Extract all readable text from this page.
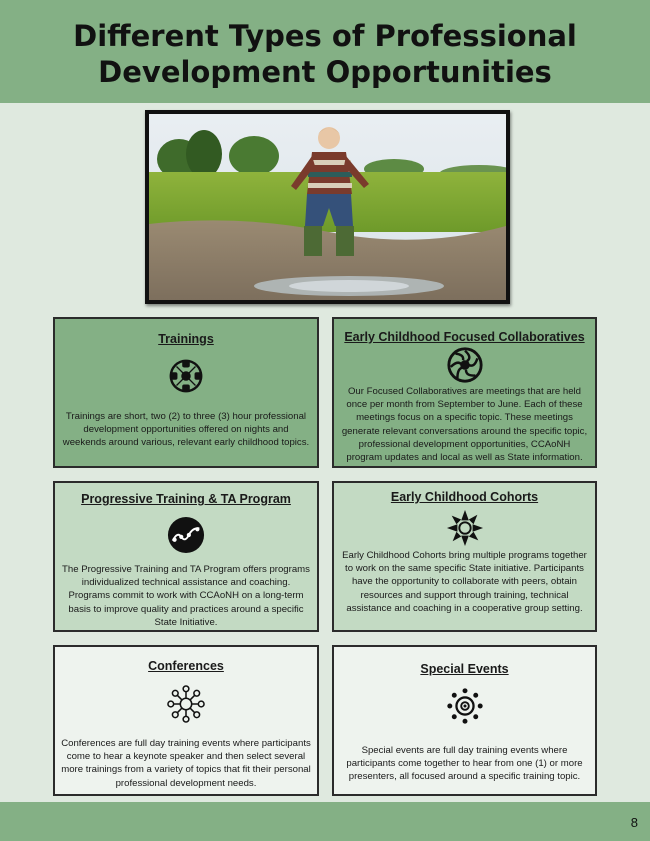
Different Types of Professional Development Opportunities
Trainings

Trainings are short, two (2) to three (3) hour professional development opportunities offered on nights and weekends around various, relevant early childhood topics.

Early Childhood Focused Collaboratives

Our Focused Collaboratives are meetings that are held once per month from September to June. Each of these meetings focus on a specific topic. These meetings generate relevant conversations around the specific topic, professional development opportunities, CCAoNH program updates and local as well as State information.

Progressive Training & TA Program

The Progressive Training and TA Program offers programs individualized technical assistance and coaching. Programs commit to work with CCAoNH on a long-term basis to improve quality and practices around a specific State Initiative.

Early Childhood Cohorts

Early Childhood Cohorts bring multiple programs together to work on the same specific State initiative. Participants have the opportunity to collaborate with peers, obtain resources and support through training, technical assistance and coaching in a cooperative group setting.

Conferences

Conferences are full day training events where participants come to hear a keynote speaker and then select several more trainings from a variety of topics that fit their personal professional development needs.

Special Events

Special events are full day training events where participants come together to hear from one (1) or more presenters, all focused around a specific training topic.

8
